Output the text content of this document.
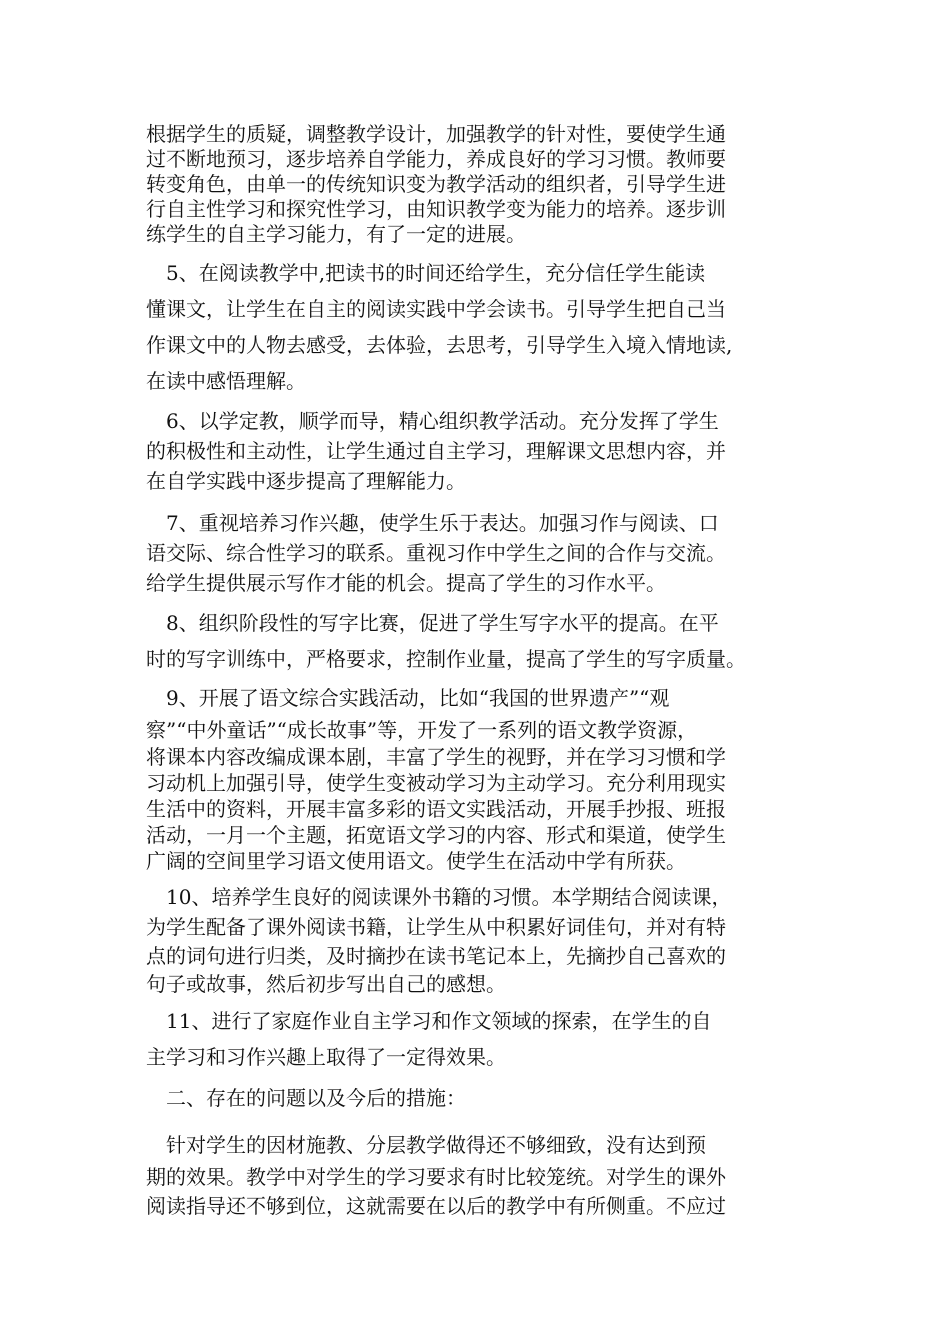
根据学生的质疑，调整教学设计，加强教学的针对性，要使学生通
过不断地预习，逐步培养自学能力，养成良好的学习习惯。教师要
转变角色，由单一的传统知识变为教学活动的组织者，引导学生进
行自主性学习和探究性学习，由知识教学变为能力的培养。逐步训
练学生的自主学习能力，有了一定的进展。
　5、在阅读教学中,把读书的时间还给学生，充分信任学生能读
懂课文，让学生在自主的阅读实践中学会读书。引导学生把自己当
作课文中的人物去感受，去体验，去思考，引导学生入境入情地读,
在读中感悟理解。
　6、以学定教，顺学而导，精心组织教学活动。充分发挥了学生
的积极性和主动性，让学生通过自主学习，理解课文思想内容，并
在自学实践中逐步提高了理解能力。
　7、重视培养习作兴趣，使学生乐于表达。加强习作与阅读、口
语交际、综合性学习的联系。重视习作中学生之间的合作与交流。
给学生提供展示写作才能的机会。提高了学生的习作水平。
　8、组织阶段性的写字比赛，促进了学生写字水平的提高。在平
时的写字训练中，严格要求，控制作业量，提高了学生的写字质量。
　9、开展了语文综合实践活动，比如“我国的世界遗产”“观
察”“中外童话”“成长故事”等，开发了一系列的语文教学资源，
将课本内容改编成课本剧，丰富了学生的视野，并在学习习惯和学
习动机上加强引导，使学生变被动学习为主动学习。充分利用现实
生活中的资料，开展丰富多彩的语文实践活动，开展手抄报、班报
活动，一月一个主题，拓宽语文学习的内容、形式和渠道，使学生
广阔的空间里学习语文使用语文。使学生在活动中学有所获。
　10、培养学生良好的阅读课外书籍的习惯。本学期结合阅读课，
为学生配备了课外阅读书籍，让学生从中积累好词佳句，并对有特
点的词句进行归类，及时摘抄在读书笔记本上，先摘抄自己喜欢的
句子或故事，然后初步写出自己的感想。
　11、进行了家庭作业自主学习和作文领域的探索，在学生的自
主学习和习作兴趣上取得了一定得效果。
　二、存在的问题以及今后的措施：
　针对学生的因材施教、分层教学做得还不够细致，没有达到预
期的效果。教学中对学生的学习要求有时比较笼统。对学生的课外
阅读指导还不够到位，这就需要在以后的教学中有所侧重。不应过
